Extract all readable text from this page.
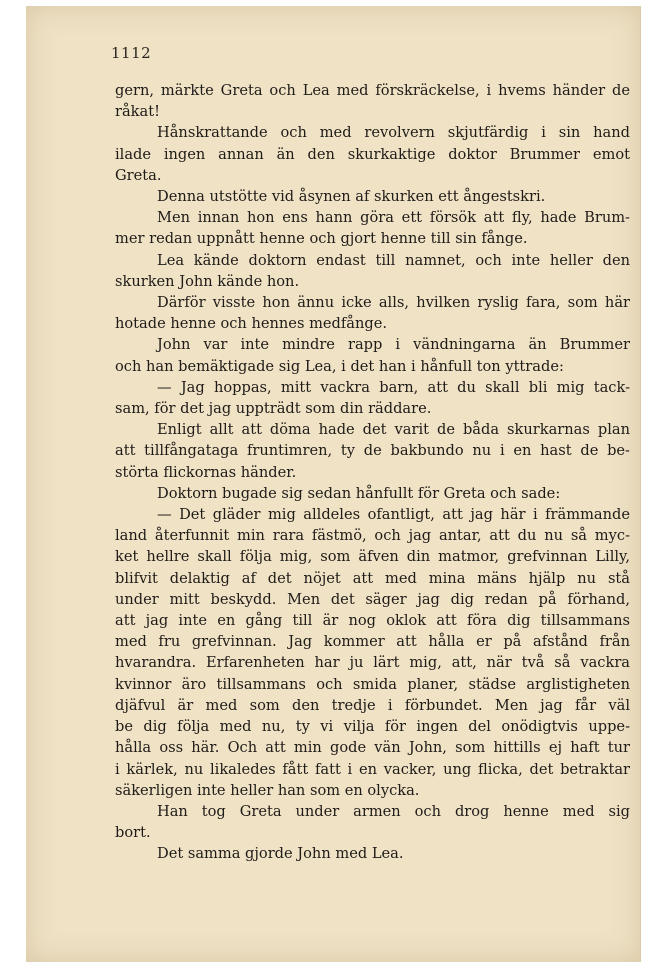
1112
gern, märkte Greta och Lea med förskräckelse, i hvems händer de
råkat!
Hånskrattande och med revolvern skjutfärdig i sin hand
ilade ingen annan än den skurkaktige doktor Brummer emot
Greta.
Denna utstötte vid åsynen af skurken ett ångestskri.
Men innan hon ens hann göra ett försök att fly, hade Brum-
mer redan uppnått henne och gjort henne till sin fånge.
Lea kände doktorn endast till namnet, och inte heller den
skurken John kände hon.
Därför visste hon ännu icke alls, hvilken ryslig fara, som här
hotade henne och hennes medfånge.
John var inte mindre rapp i vändningarna än Brummer
och han bemäktigade sig Lea, i det han i hånfull ton yttrade:
— Jag hoppas, mitt vackra barn, att du skall bli mig tack-
sam, för det jag uppträdt som din räddare.
Enligt allt att döma hade det varit de båda skurkarnas plan
att tillfångataga fruntimren, ty de bakbundo nu i en hast de be-
störta flickornas händer.
Doktorn bugade sig sedan hånfullt för Greta och sade:
— Det gläder mig alldeles ofantligt, att jag här i främmande
land återfunnit min rara fästmö, och jag antar, att du nu så myc-
ket hellre skall följa mig, som äfven din matmor, grefvinnan Lilly,
blifvit delaktig af det nöjet att med mina mäns hjälp nu stå
under mitt beskydd. Men det säger jag dig redan på förhand,
att jag inte en gång till är nog oklok att föra dig tillsammans
med fru grefvinnan. Jag kommer att hålla er på afstånd från
hvarandra. Erfarenheten har ju lärt mig, att, när två så vackra
kvinnor äro tillsammans och smida planer, städse arglistigheten
djäfvul är med som den tredje i förbundet. Men jag får väl
be dig följa med nu, ty vi vilja för ingen del onödigtvis uppe-
hålla oss här. Och att min gode vän John, som hittills ej haft tur
i kärlek, nu likaledes fått fatt i en vacker, ung flicka, det betraktar
säkerligen inte heller han som en olycka.
Han tog Greta under armen och drog henne med sig
bort.
Det samma gjorde John med Lea.
